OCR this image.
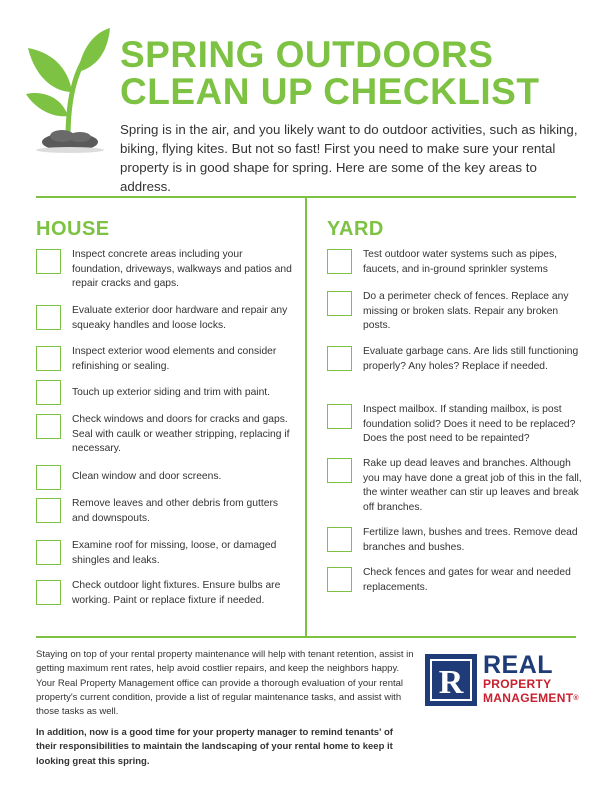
SPRING OUTDOORS
CLEAN UP CHECKLIST
Spring is in the air, and you likely want to do outdoor activities, such as hiking, biking, flying kites. But not so fast! First you need to make sure your rental property is in good shape for spring. Here are some of the key areas to address.
HOUSE
Inspect concrete areas including your foundation, driveways, walkways and patios and repair cracks and gaps.
Evaluate exterior door hardware and repair any squeaky handles and loose locks.
Inspect exterior wood elements and consider refinishing or sealing.
Touch up exterior siding and trim with paint.
Check windows and doors for cracks and gaps. Seal with caulk or weather stripping, replacing if necessary.
Clean window and door screens.
Remove leaves and other debris from gutters and downspouts.
Examine roof for missing, loose, or damaged shingles and leaks.
Check outdoor light fixtures. Ensure bulbs are working. Paint or replace fixture if needed.
YARD
Test outdoor water systems such as pipes, faucets, and in-ground sprinkler systems
Do a perimeter check of fences. Replace any missing or broken slats. Repair any broken posts.
Evaluate garbage cans. Are lids still functioning properly? Any holes? Replace if needed.
Inspect mailbox. If standing mailbox, is post foundation solid? Does it need to be replaced? Does the post need to be repainted?
Rake up dead leaves and branches. Although you may have done a great job of this in the fall, the winter weather can stir up leaves and break off branches.
Fertilize lawn, bushes and trees. Remove dead branches and bushes.
Check fences and gates for wear and needed replacements.
Staying on top of your rental property maintenance will help with tenant retention, assist in getting maximum rent rates, help avoid costlier repairs, and keep the neighbors happy. Your Real Property Management office can provide a thorough evaluation of your rental property's current condition, provide a list of regular maintenance tasks, and assist with those tasks as well.
In addition, now is a good time for your property manager to remind tenants' of their responsibilities to maintain the landscaping of your rental home to keep it looking great this spring.
R REAL
PROPERTY
MANAGEMENT®
